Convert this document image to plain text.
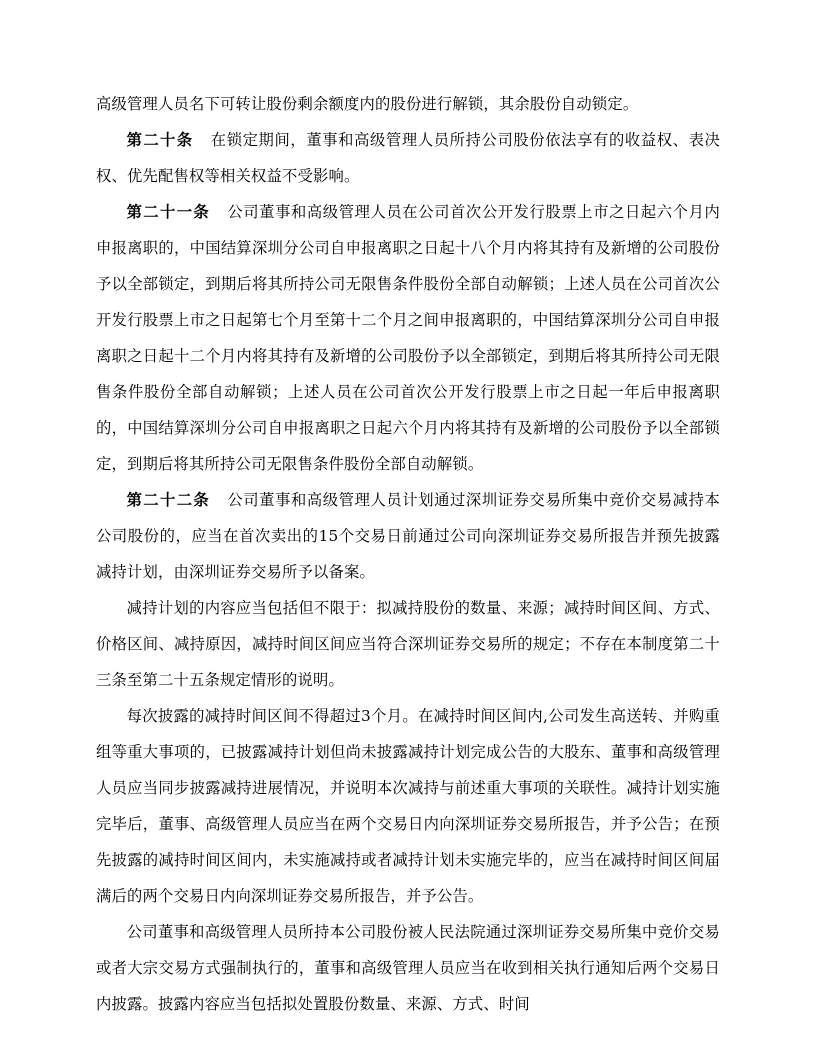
高级管理人员名下可转让股份剩余额度内的股份进行解锁，其余股份自动锁定。

第二十条 在锁定期间，董事和高级管理人员所持公司股份依法享有的收益权、表决权、优先配售权等相关权益不受影响。

第二十一条 公司董事和高级管理人员在公司首次公开发行股票上市之日起六个月内申报离职的，中国结算深圳分公司自申报离职之日起十八个月内将其持有及新增的公司股份予以全部锁定，到期后将其所持公司无限售条件股份全部自动解锁；上述人员在公司首次公开发行股票上市之日起第七个月至第十二个月之间申报离职的，中国结算深圳分公司自申报离职之日起十二个月内将其持有及新增的公司股份予以全部锁定，到期后将其所持公司无限售条件股份全部自动解锁；上述人员在公司首次公开发行股票上市之日起一年后申报离职的，中国结算深圳分公司自申报离职之日起六个月内将其持有及新增的公司股份予以全部锁定，到期后将其所持公司无限售条件股份全部自动解锁。

第二十二条 公司董事和高级管理人员计划通过深圳证券交易所集中竞价交易减持本公司股份的，应当在首次卖出的15个交易日前通过公司向深圳证券交易所报告并预先披露减持计划，由深圳证券交易所予以备案。

减持计划的内容应当包括但不限于：拟减持股份的数量、来源；减持时间区间、方式、价格区间、减持原因，减持时间区间应当符合深圳证券交易所的规定；不存在本制度第二十三条至第二十五条规定情形的说明。

每次披露的减持时间区间不得超过3个月。在减持时间区间内,公司发生高送转、并购重组等重大事项的，已披露减持计划但尚未披露减持计划完成公告的大股东、董事和高级管理人员应当同步披露减持进展情况，并说明本次减持与前述重大事项的关联性。减持计划实施完毕后，董事、高级管理人员应当在两个交易日内向深圳证券交易所报告，并予公告；在预先披露的减持时间区间内，未实施减持或者减持计划未实施完毕的，应当在减持时间区间届满后的两个交易日内向深圳证券交易所报告，并予公告。

公司董事和高级管理人员所持本公司股份被人民法院通过深圳证券交易所集中竞价交易或者大宗交易方式强制执行的，董事和高级管理人员应当在收到相关执行通知后两个交易日内披露。披露内容应当包括拟处置股份数量、来源、方式、时间
